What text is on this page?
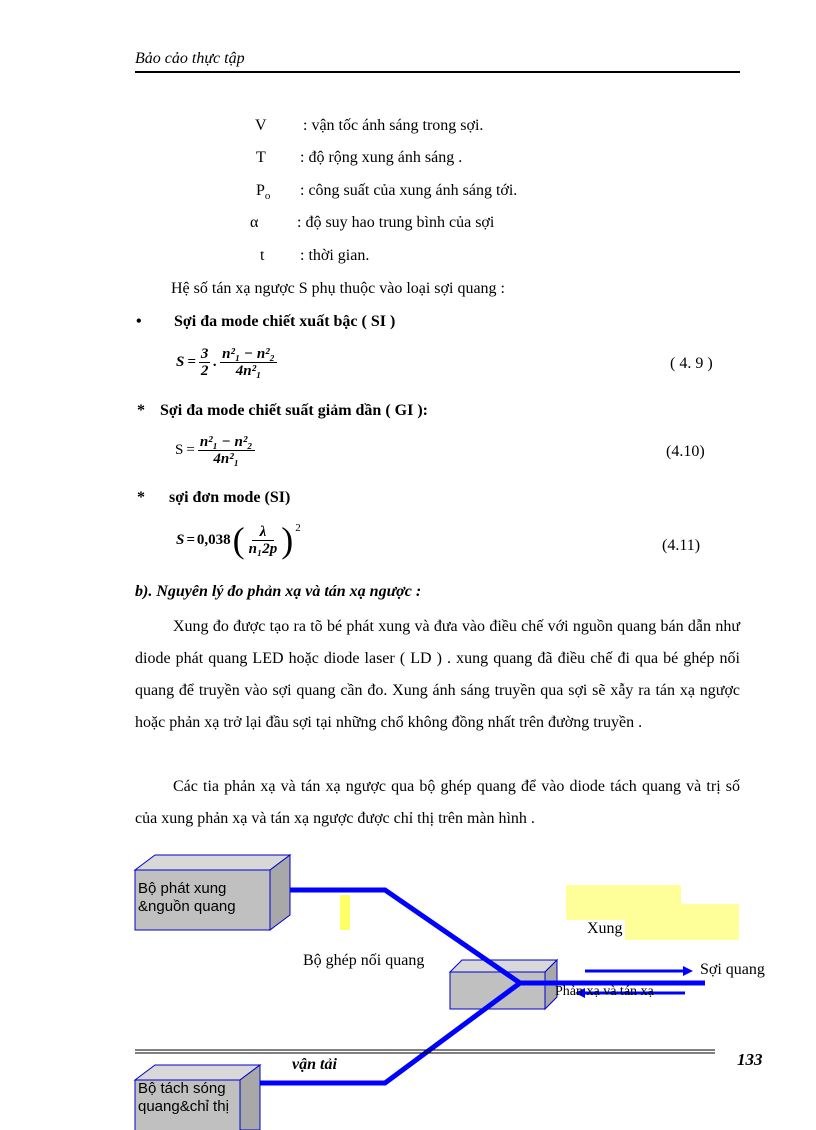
Bảo cảo thực tập
V : vận tốc ánh sáng trong sợi.
T : độ rộng xung ánh sáng .
$P_o$ : công suất của xung ánh sáng tới.
α : độ suy hao trung bình của sợi
t : thời gian.
Hệ số tán xạ ngược S phụ thuộc vào loại sợi quang :
• Sợi đa mode chiết xuất bậc ( SI )
$S = \frac{3}{2}$ . $\frac{\text{n²₁ − n²₂}}{\text{4n²₁}}$	( 4. 9 )
* Sợi đa mode chiết suất giảm dần ( GI ):
$S = \frac{\text{n²₁ − n²₂}}{\text{4n²₁}}$	(4.10)
* sợi đơn mode (SI)
S = 0,038 ( $\frac{\lambda}{\text{n₁2p}} )^2$
(4.11)
b). Nguyên lý đo phản xạ và tán xạ ngược :
Xung đo được tạo ra tõ bé phát xung và đưa vào điều chế với nguồn quang bán dẫn như diode phát quang LED hoặc diode laser ( LD ) . xung quang đã điều chế đi qua bé ghép nối quang để truyền vào sợi quang cần đo. Xung ánh sáng truyền qua sợi sẽ xẫy ra tán xạ ngược hoặc phản xạ trở lại đầu sợi tại những chổ không đồng nhất trên đường truyền .
Các tia phản xạ và tán xạ ngược qua bộ ghép quang để vào diode tách quang và trị số của xung phản xạ và tán xạ ngược được chỉ thị trên màn hình .
Bộ phát xung
&nguồn quang
Bộ ghép nối quang
Xung
Sợi quang
Phản xạ và tán xạ
Bộ tách sóng
quang&chỉ thị
vận tải	133
